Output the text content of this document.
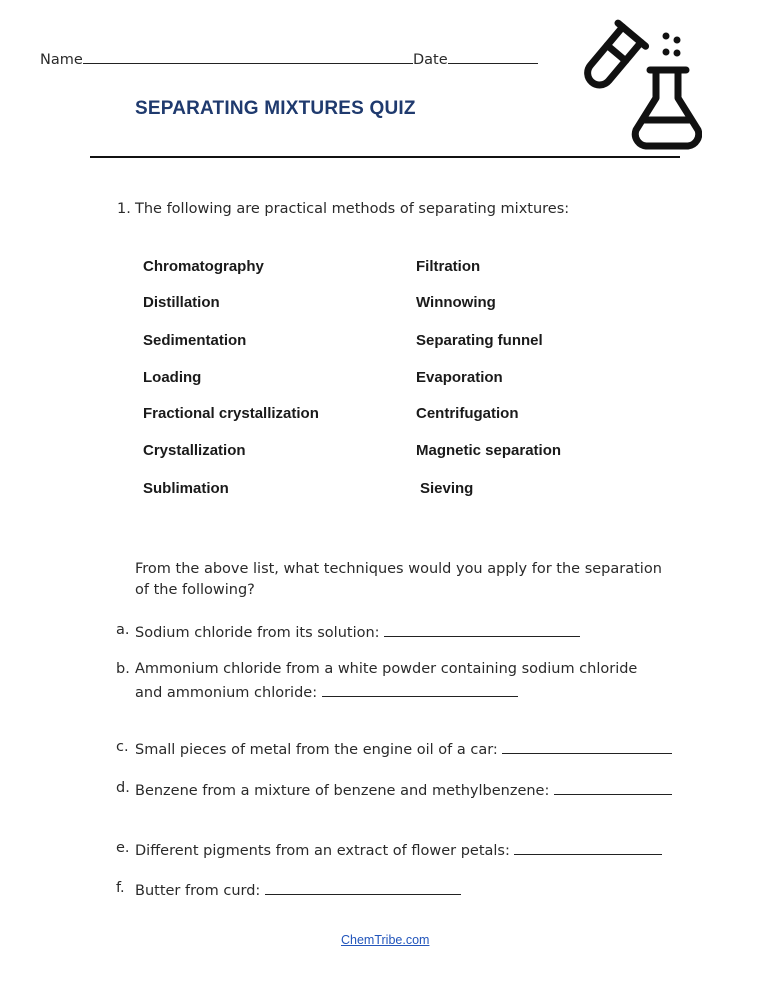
Name	Date
SEPARATING MIXTURES QUIZ
1. The following are practical methods of separating mixtures:
Chromatography
Distillation
Sedimentation
Loading
Fractional crystallization
Crystallization
Sublimation
Filtration
Winnowing
Separating funnel
Evaporation
Centrifugation
Magnetic separation
Sieving
From the above list, what techniques would you apply for the separation
of the following?
a. Sodium chloride from its solution:
b. Ammonium chloride from a white powder containing sodium chloride
and ammonium chloride:
c. Small pieces of metal from the engine oil of a car:
d. Benzene from a mixture of benzene and methylbenzene:
e. Different pigments from an extract of flower petals:
f. Butter from curd:
ChemTribe.com
